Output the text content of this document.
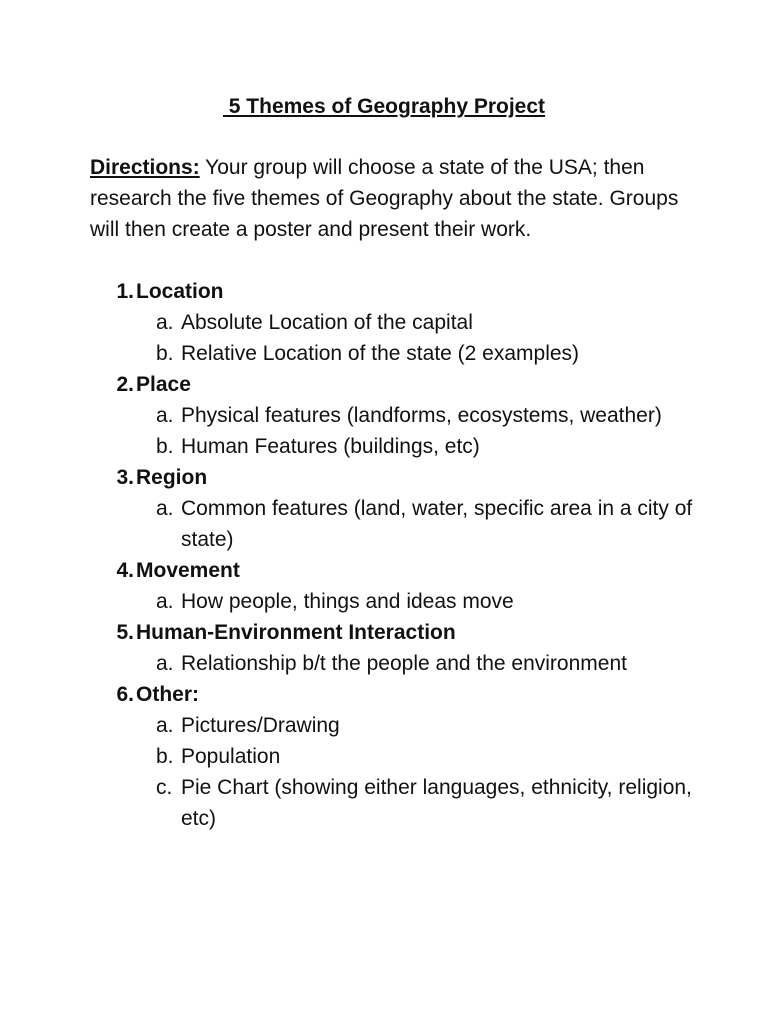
5 Themes of Geography Project
Directions: Your group will choose a state of the USA; then research the five themes of Geography about the state. Groups will then create a poster and present their work.
1. Location
a. Absolute Location of the capital
b. Relative Location of the state (2 examples)
2. Place
a. Physical features (landforms, ecosystems, weather)
b. Human Features (buildings, etc)
3. Region
a. Common features (land, water, specific area in a city of state)
4. Movement
a. How people, things and ideas move
5. Human-Environment Interaction
a. Relationship b/t the people and the environment
6. Other:
a. Pictures/Drawing
b. Population
c. Pie Chart (showing either languages, ethnicity, religion, etc)
